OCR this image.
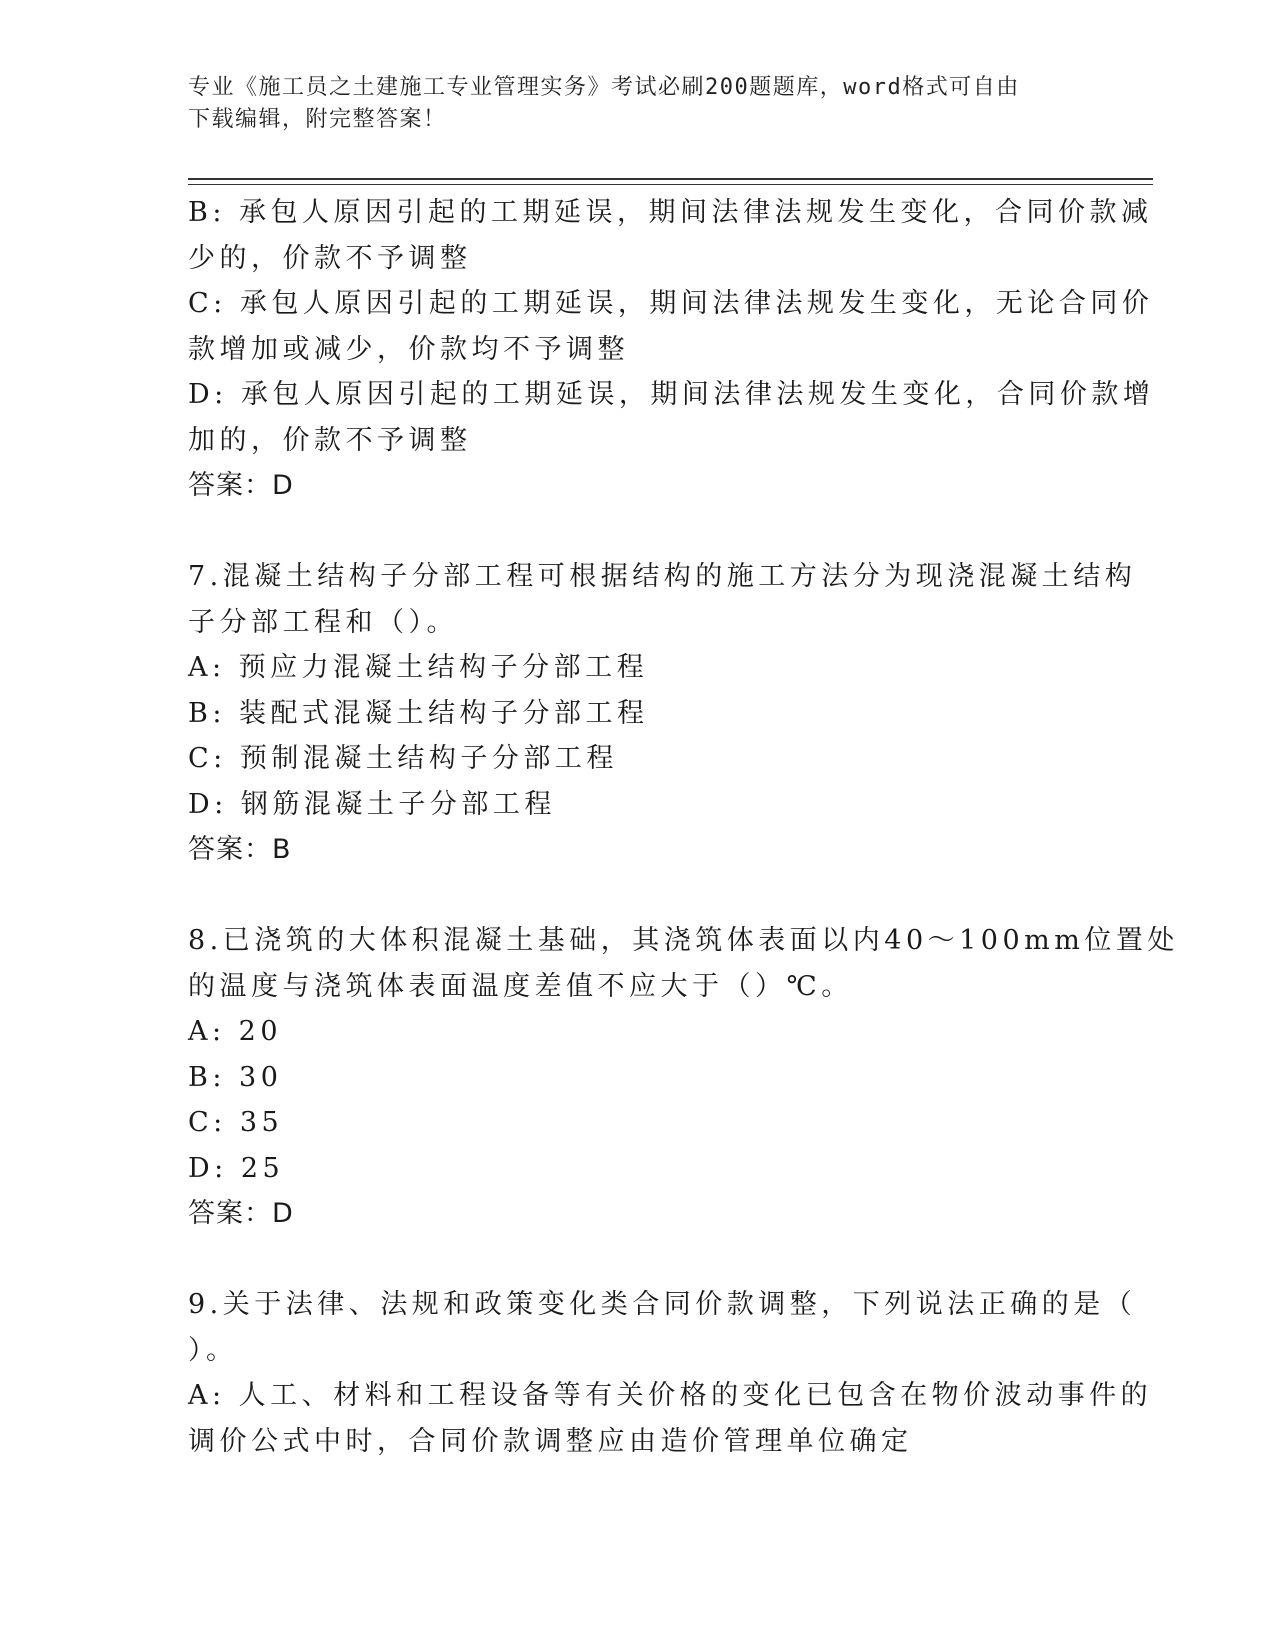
专业《施工员之土建施工专业管理实务》考试必刷200题题库，word格式可自由
下载编辑，附完整答案！
B: 承包人原因引起的工期延误，期间法律法规发生变化，合同价款减
少的，价款不予调整
C: 承包人原因引起的工期延误，期间法律法规发生变化，无论合同价
款增加或减少，价款均不予调整
D: 承包人原因引起的工期延误，期间法律法规发生变化，合同价款增
加的，价款不予调整
答案：D
7.混凝土结构子分部工程可根据结构的施工方法分为现浇混凝土结构
子分部工程和（）。
A: 预应力混凝土结构子分部工程
B: 装配式混凝土结构子分部工程
C: 预制混凝土结构子分部工程
D: 钢筋混凝土子分部工程
答案：B
8.已浇筑的大体积混凝土基础，其浇筑体表面以内40～100mm位置处
的温度与浇筑体表面温度差值不应大于（）℃。
A: 20
B: 30
C: 35
D: 25
答案：D
9.关于法律、法规和政策变化类合同价款调整，下列说法正确的是（
）。
A: 人工、材料和工程设备等有关价格的变化已包含在物价波动事件的
调价公式中时，合同价款调整应由造价管理单位确定
